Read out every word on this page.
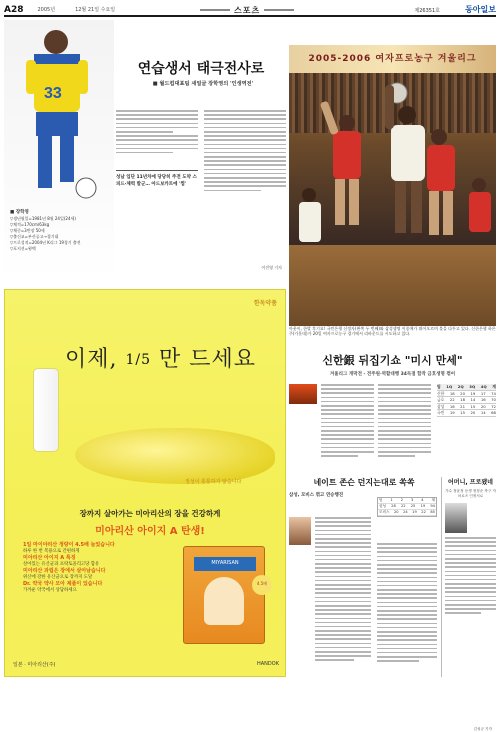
A28	2005년	12월 21일 수요일	스포츠	제26351호	동아일보
33
연습생서 태극전사로
■ 월드컵대표팀 새얼굴 장학영의 '인생역전'
성남 입단 11년차에 당당히 주전 도약 스피드·체력 발군… 아드보카트에 '찜'
■ 장학영
▽생년월일=1981년 8월 24일(24세)
▽체격=170cm/63kg
▽체중=3반장 50세
▽출신교=부산공고→경기대
▽프로성적=2004년 K리그 19경기 출전
▽포지션=윙백
이진영 기자
2005-2006 여자프로농구 겨울리그
아웃이, 한발 후기요! 국민은행 신정자(왼쪽 두 번째)와 삼성생명 이종애가 뛰어오르며 볼을 다투고 있다. 신한은행 하은주(가운데)가 20일 여자프로농구 경기에서 리바운드를 시도하고 있다.
한독약품
이제, 1/5 만 드세요
정성이 통통하지 않습니다
장까지 살아가는 미아리산의 장을 건강하게
미아리산 아이지 A 탄생!
1일 마이야리산 정량이 4.5배 늘었습니다
하루 한 번 복용으로 간편하게
미아리산 아이지 A 특징
살아있는 유산균과 프락토올리고당 함유
미아리산 과립은 장에서 살아남습니다
위산에 강한 유산균으로 장까지 도달
Dr. 약국 약사 모아 제품이 있습니다
가까운 약국에서 상담하세요
MIYARISAN
4.5배
일본 · 미아리산(주)	HANDOK
신한銀 뒤집기쇼 "미시 만세"
겨울리그 개막전 - 전주원·역할대행 34득점 합작 금호생명 꺾어
팀 1Q 2Q 3Q 4Q 계
신한 18 20 19 17 74
금호 22 18 14 16 70
삼성 16 21 15 20 72
국민 19 15 20 14 68
네이트 존슨 던지는대로 쏙쏙
삼성, 모비스 꺾고 연승행진
팀 1 2 3 4 계
삼성 28 22 25 19 94
모비스 20 24 19 22 85
어머니, 프로됐네
가수 정윤정 동생 정정준 축구 자차로즈 인정서로
김성규 기자
